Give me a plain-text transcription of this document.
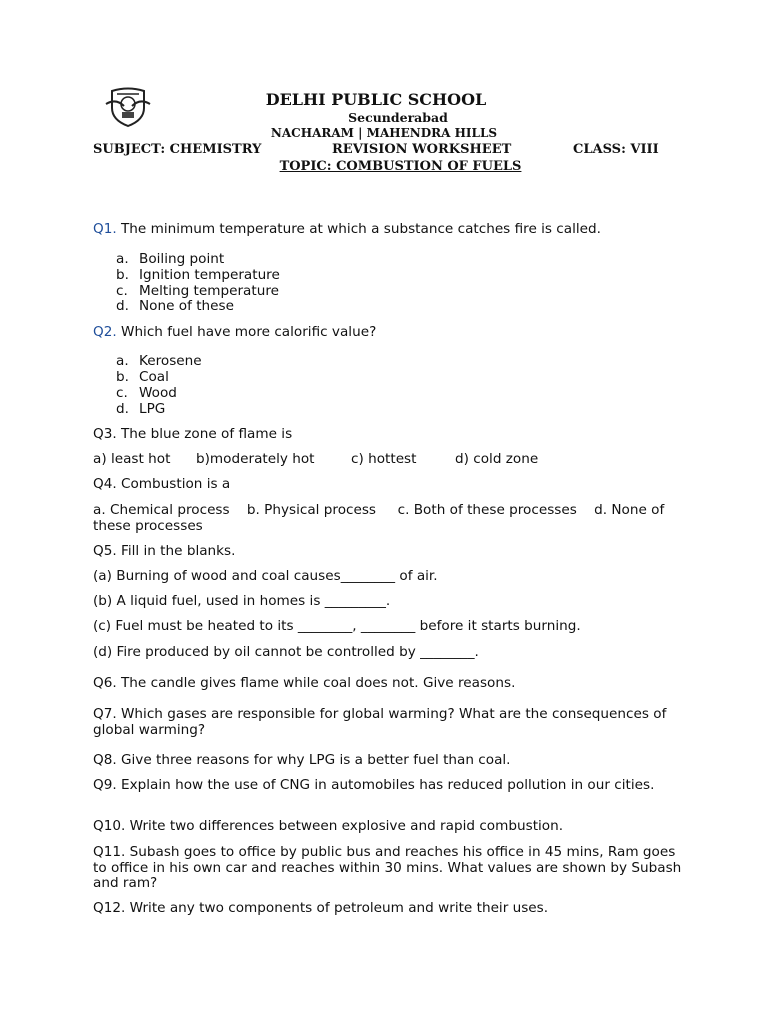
DELHI PUBLIC SCHOOL
Secunderabad
NACHARAM | MAHENDRA HILLS
SUBJECT: CHEMISTRY	REVISION WORKSHEET	CLASS: VIII
TOPIC: COMBUSTION OF FUELS
Q1. The minimum temperature at which a substance catches fire is called.
a. Boiling point
b. Ignition temperature
c. Melting temperature
d. None of these
Q2. Which fuel have more calorific value?
a. Kerosene
b. Coal
c. Wood
d. LPG
Q3. The blue zone of flame is
a) least hot b)moderately hot	c) hottest	d) cold zone
Q4. Combustion is a
a. Chemical process    b. Physical process     c. Both of these processes    d. None of these processes
Q5. Fill in the blanks.
(a) Burning of wood and coal causes________ of air.
(b) A liquid fuel, used in homes is _________.
(c) Fuel must be heated to its ________, ________ before it starts burning.
(d) Fire produced by oil cannot be controlled by ________.
Q6. The candle gives flame while coal does not. Give reasons.
Q7. Which gases are responsible for global warming? What are the consequences of global warming?
Q8. Give three reasons for why LPG is a better fuel than coal.
Q9. Explain how the use of CNG in automobiles has reduced pollution in our cities.
Q10. Write two differences between explosive and rapid combustion.
Q11. Subash goes to office by public bus and reaches his office in 45 mins, Ram goes to office in his own car and reaches within 30 mins. What values are shown by Subash and ram?
Q12. Write any two components of petroleum and write their uses.
